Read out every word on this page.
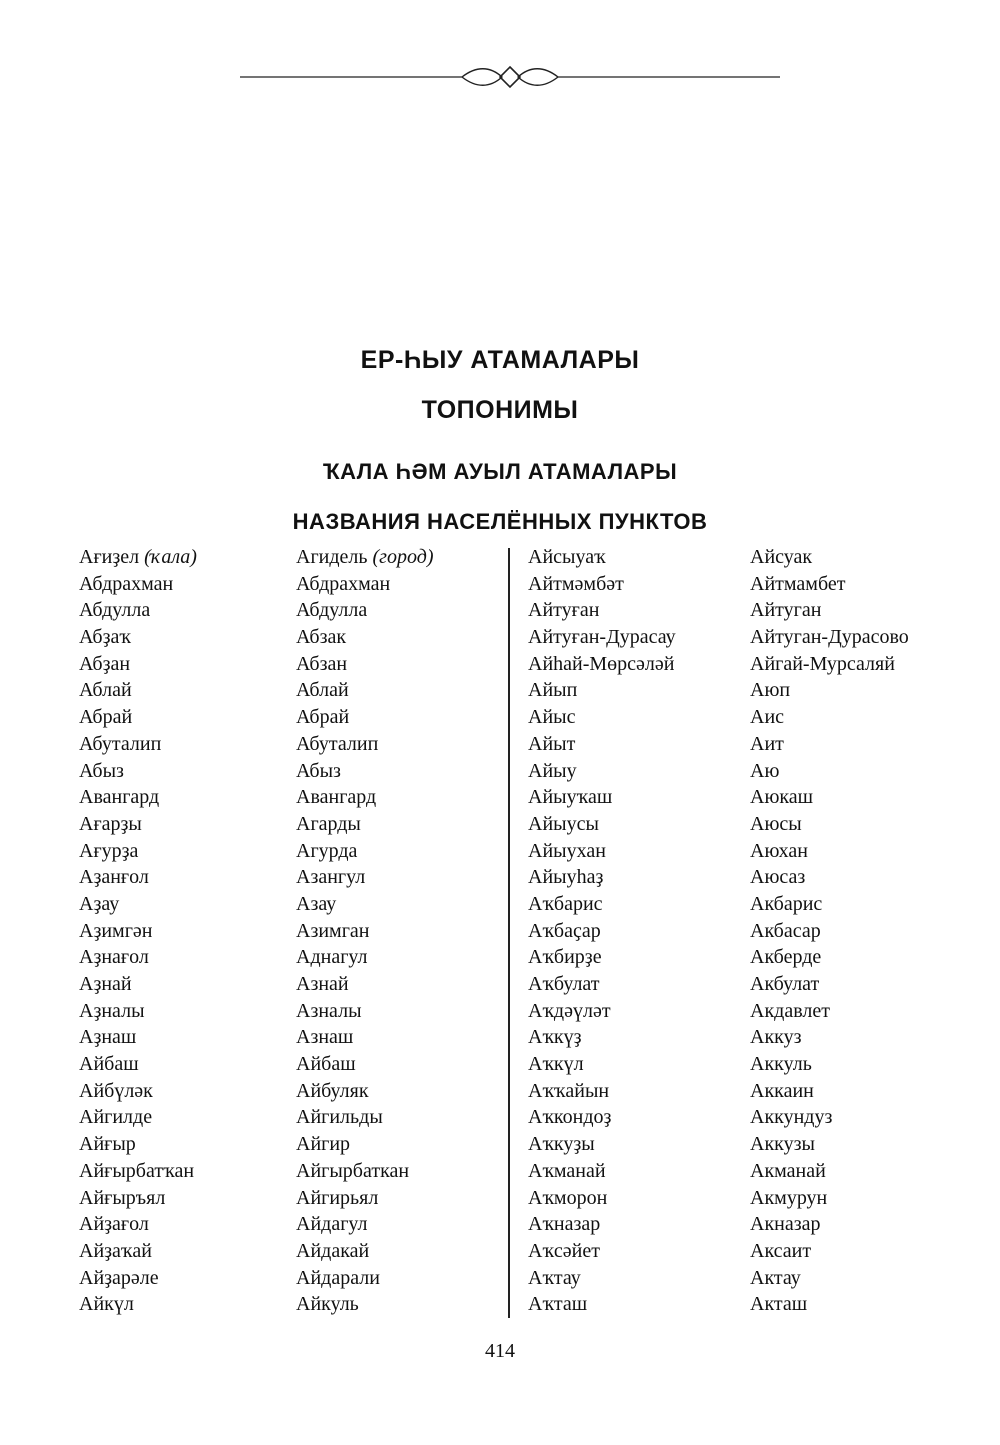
ЕР-ҺЫУ АТАМАЛАРЫ
ТОПОНИМЫ
ҠАЛА ҺӘМ АУЫЛ АТАМАЛАРЫ
НАЗВАНИЯ НАСЕЛЁННЫХ ПУНКТОВ
Ағиҙел (ҡала)
Абдрахман
Абдулла
Абҙаҡ
Абҙан
Аблай
Абрай
Абуталип
Абыз
Авангард
Ағарҙы
Ағурҙа
Аҙанғол
Аҙау
Аҙимгән
Аҙнағол
Аҙнай
Аҙналы
Аҙнаш
Айбаш
Айбүләк
Айгилде
Айғыр
Айғырбатҡан
Айғыръял
Айҙағол
Айҙаҡай
Айҙарәле
Айкүл
Агидель (город)
Абдрахман
Абдулла
Абзак
Абзан
Аблай
Абрай
Абуталип
Абыз
Авангард
Агарды
Агурда
Азангул
Азау
Азимган
Аднагул
Азнай
Азналы
Азнаш
Айбаш
Айбуляк
Айгильды
Айгир
Айгырбаткан
Айгирьял
Айдагул
Айдакай
Айдарали
Айкуль
Айсыуаҡ
Айтмәмбәт
Айтуған
Айтуған-Дурасау
Айһай-Мөрсәләй
Айып
Айыс
Айыт
Айыу
Айыуҡаш
Айыусы
Айыухан
Айыуһаҙ
Аҡбарис
Аҡбаҫар
Аҡбирҙе
Аҡбулат
Аҡдәүләт
Аҡкүҙ
Аҡкүл
Аҡҡайын
Аҡкондоҙ
Аҡкуҙы
Аҡманай
Аҡморон
Аҡназар
Аҡсәйет
Аҡтау
Аҡташ
Айсуак
Айтмамбет
Айтуган
Айтуган-Дурасово
Айгай-Мурсаляй
Аюп
Аис
Аит
Аю
Аюкаш
Аюсы
Аюхан
Аюсаз
Акбарис
Акбасар
Акберде
Акбулат
Акдавлет
Аккуз
Аккуль
Аккаин
Аккундуз
Аккузы
Акманай
Акмурун
Акназар
Аксаит
Актау
Акташ
414
